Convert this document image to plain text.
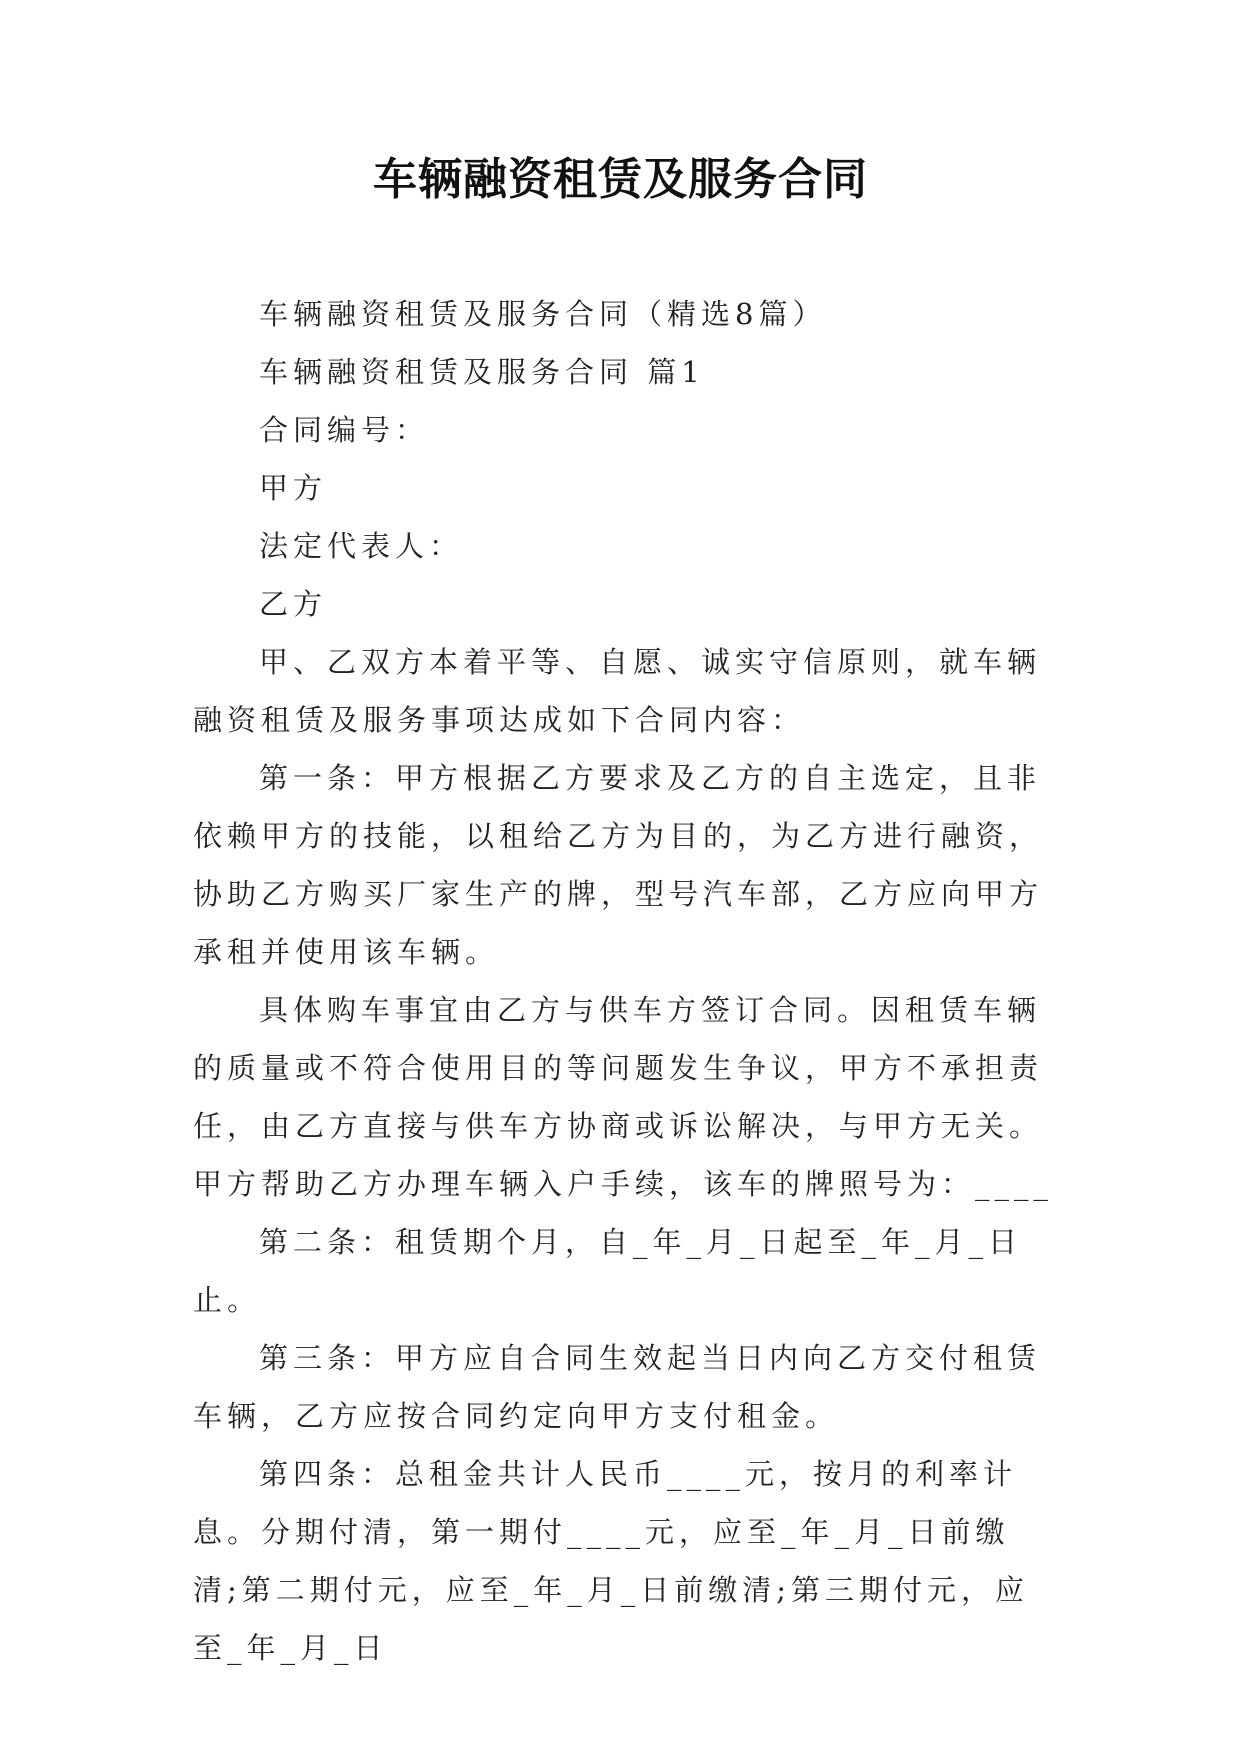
车辆融资租赁及服务合同

车辆融资租赁及服务合同（精选8篇）

车辆融资租赁及服务合同 篇1

合同编号：

甲方

法定代表人：

乙方

甲、乙双方本着平等、自愿、诚实守信原则，就车辆融资租赁及服务事项达成如下合同内容：

第一条：甲方根据乙方要求及乙方的自主选定，且非依赖甲方的技能，以租给乙方为目的，为乙方进行融资，协助乙方购买厂家生产的牌，型号汽车部，乙方应向甲方承租并使用该车辆。

具体购车事宜由乙方与供车方签订合同。因租赁车辆的质量或不符合使用目的等问题发生争议，甲方不承担责任，由乙方直接与供车方协商或诉讼解决，与甲方无关。甲方帮助乙方办理车辆入户手续，该车的牌照号为：____

第二条：租赁期个月，自_年_月_日起至_年_月_日止。

第三条：甲方应自合同生效起当日内向乙方交付租赁车辆，乙方应按合同约定向甲方支付租金。

第四条：总租金共计人民币____元，按月的利率计息。分期付清，第一期付____元，应至_年_月_日前缴清;第二期付元，应至_年_月_日前缴清;第三期付元，应至_年_月_日
